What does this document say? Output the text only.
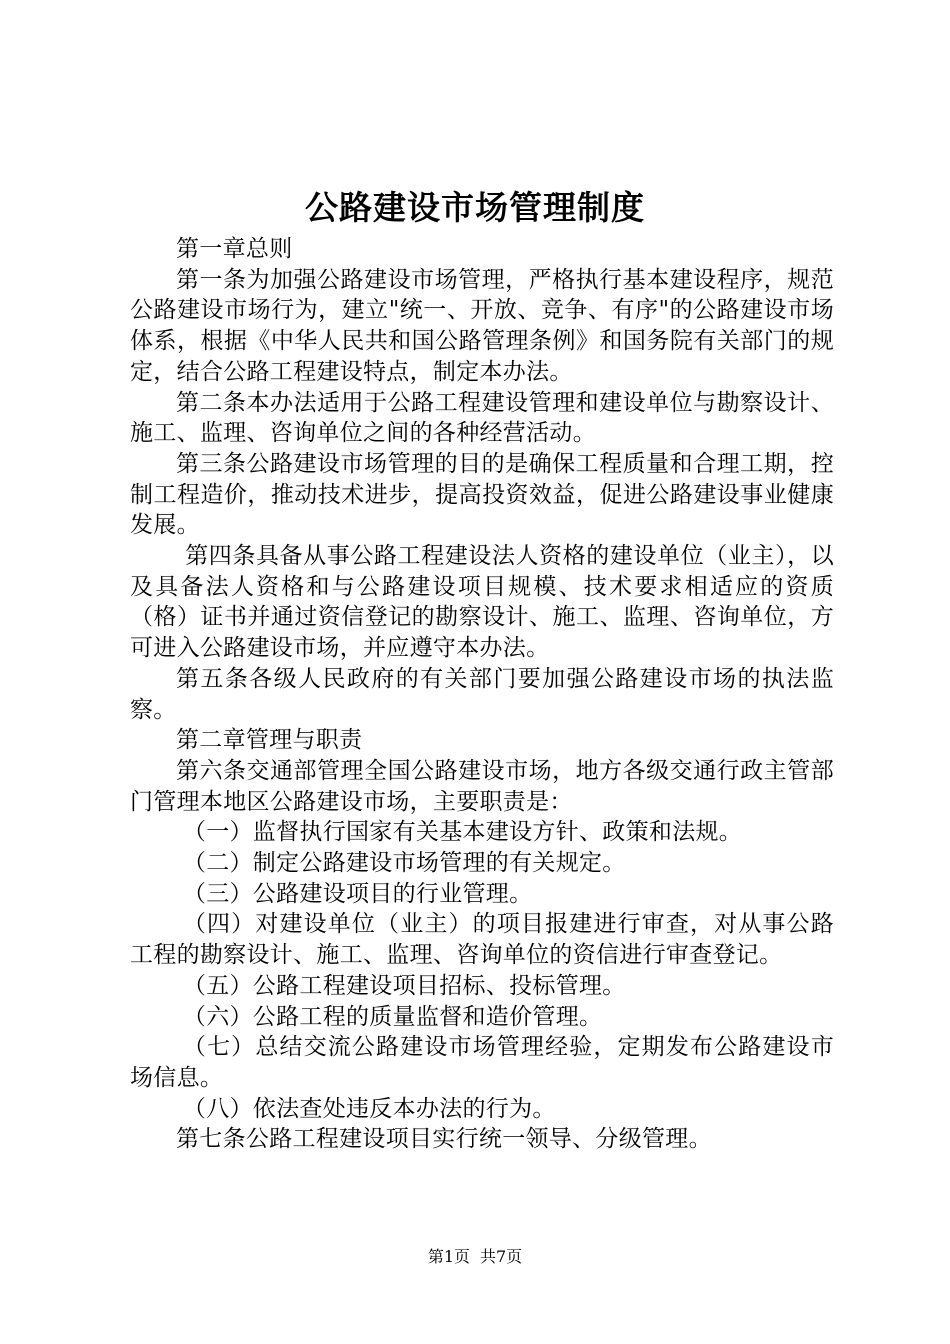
公路建设市场管理制度

第一章总则

第一条为加强公路建设市场管理，严格执行基本建设程序，规范公路建设市场行为，建立"统一、开放、竞争、有序"的公路建设市场体系，根据《中华人民共和国公路管理条例》和国务院有关部门的规定，结合公路工程建设特点，制定本办法。

第二条本办法适用于公路工程建设管理和建设单位与勘察设计、施工、监理、咨询单位之间的各种经营活动。

第三条公路建设市场管理的目的是确保工程质量和合理工期，控制工程造价，推动技术进步，提高投资效益，促进公路建设事业健康发展。

第四条具备从事公路工程建设法人资格的建设单位（业主），以及具备法人资格和与公路建设项目规模、技术要求相适应的资质（格）证书并通过资信登记的勘察设计、施工、监理、咨询单位，方可进入公路建设市场，并应遵守本办法。

第五条各级人民政府的有关部门要加强公路建设市场的执法监察。

第二章管理与职责

第六条交通部管理全国公路建设市场，地方各级交通行政主管部门管理本地区公路建设市场，主要职责是：

（一）监督执行国家有关基本建设方针、政策和法规。

（二）制定公路建设市场管理的有关规定。

（三）公路建设项目的行业管理。

（四）对建设单位（业主）的项目报建进行审查，对从事公路工程的勘察设计、施工、监理、咨询单位的资信进行审查登记。

（五）公路工程建设项目招标、投标管理。

（六）公路工程的质量监督和造价管理。

（七）总结交流公路建设市场管理经验，定期发布公路建设市场信息。

（八）依法查处违反本办法的行为。

第七条公路工程建设项目实行统一领导、分级管理。

第1页 共7页
